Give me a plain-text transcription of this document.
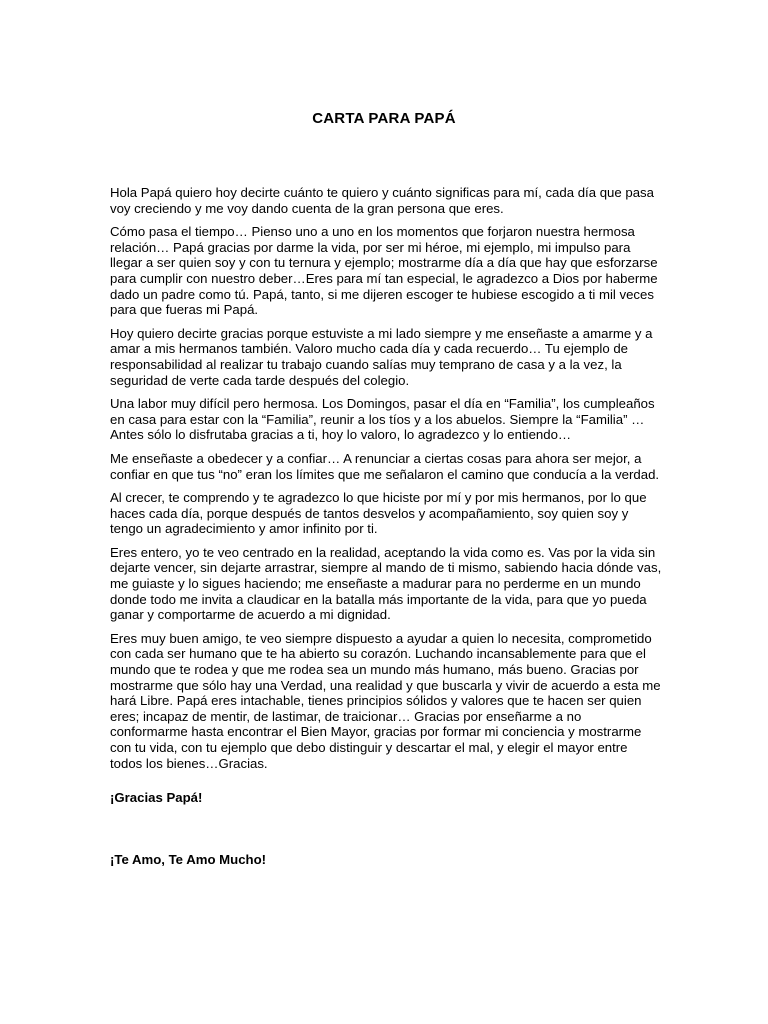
CARTA PARA PAPÁ

Hola Papá quiero hoy decirte cuánto te quiero y cuánto significas para mí, cada día que pasa voy creciendo y me voy dando cuenta de la gran persona que eres.

Cómo pasa el tiempo… Pienso uno a uno en los momentos que forjaron nuestra hermosa relación… Papá gracias por darme la vida, por ser mi héroe, mi ejemplo, mi impulso para llegar a ser quien soy y con tu ternura y ejemplo; mostrarme día a día que hay que esforzarse para cumplir con nuestro deber…Eres para mí tan especial, le agradezco a Dios por haberme dado un padre como tú. Papá, tanto, si me dijeren escoger te hubiese escogido a ti mil veces para que fueras mi Papá.

Hoy quiero decirte gracias porque estuviste a mi lado siempre y me enseñaste a amarme y a amar a mis hermanos también. Valoro mucho cada día y cada recuerdo… Tu ejemplo de responsabilidad al realizar tu trabajo cuando salías muy temprano de casa y a la vez, la seguridad de verte cada tarde después del colegio.

Una labor muy difícil pero hermosa. Los Domingos, pasar el día en “Familia”, los cumpleaños en casa para estar con la “Familia”, reunir a los tíos y a los abuelos. Siempre la “Familia” … Antes sólo lo disfrutaba gracias a ti, hoy lo valoro, lo agradezco y lo entiendo…

Me enseñaste a obedecer y a confiar… A renunciar a ciertas cosas para ahora ser mejor, a confiar en que tus “no” eran los límites que me señalaron el camino que conducía a la verdad.

Al crecer, te comprendo y te agradezco lo que hiciste por mí y por mis hermanos, por lo que haces cada día, porque después de tantos desvelos y acompañamiento, soy quien soy y tengo un agradecimiento y amor infinito por ti.

Eres entero, yo te veo centrado en la realidad, aceptando la vida como es. Vas por la vida sin dejarte vencer, sin dejarte arrastrar, siempre al mando de ti mismo, sabiendo hacia dónde vas, me guiaste y lo sigues haciendo; me enseñaste a madurar para no perderme en un mundo donde todo me invita a claudicar en la batalla más importante de la vida, para que yo pueda ganar y comportarme de acuerdo a mi dignidad.

Eres muy buen amigo, te veo siempre dispuesto a ayudar a quien lo necesita, comprometido con cada ser humano que te ha abierto su corazón. Luchando incansablemente para que el mundo que te rodea y que me rodea sea un mundo más humano, más bueno. Gracias por mostrarme que sólo hay una Verdad, una realidad y que buscarla y vivir de acuerdo a esta me hará Libre. Papá eres intachable, tienes principios sólidos y valores que te hacen ser quien eres; incapaz de mentir, de lastimar, de traicionar… Gracias por enseñarme a no conformarme hasta encontrar el Bien Mayor, gracias por formar mi conciencia y mostrarme con tu vida, con tu ejemplo que debo distinguir y descartar el mal, y elegir el mayor entre todos los bienes…Gracias.

¡Gracias Papá!

¡Te Amo, Te Amo Mucho!
